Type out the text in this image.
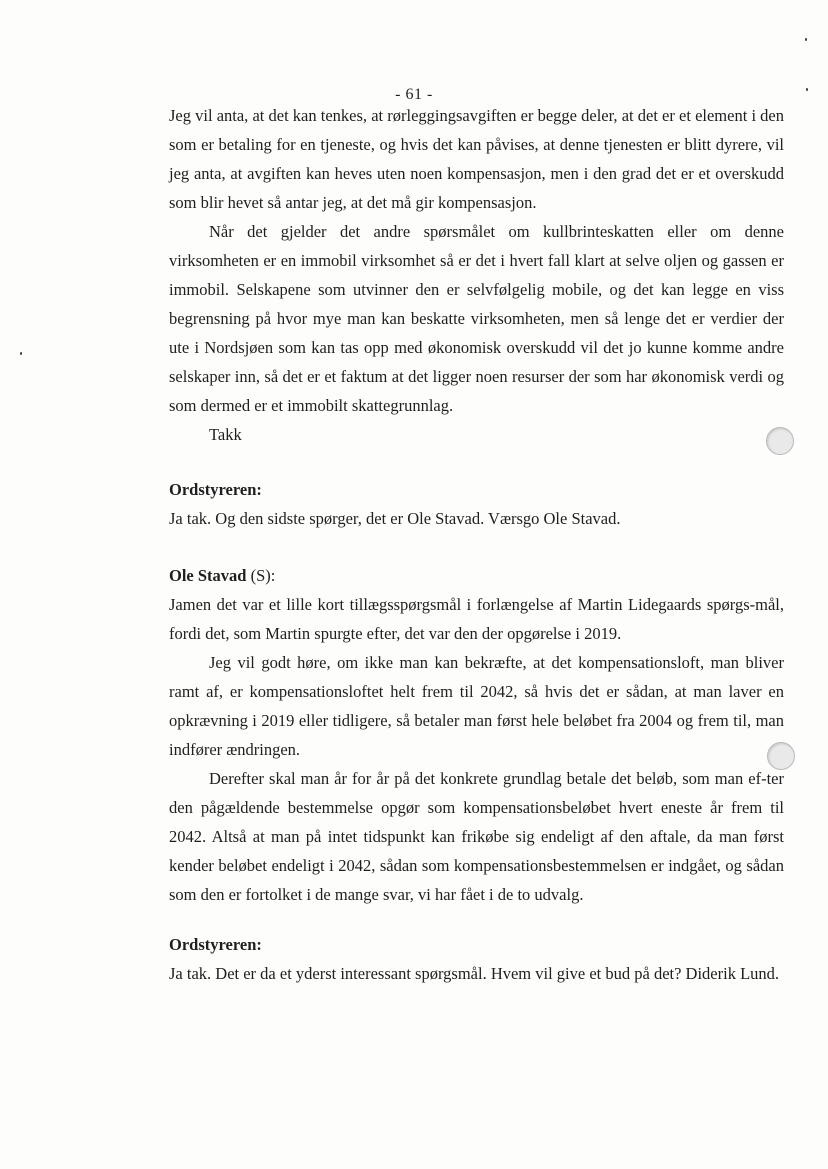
- 61 -

Jeg vil anta, at det kan tenkes, at rørleggingsavgiften er begge deler, at det er et element i den som er betaling for en tjeneste, og hvis det kan påvises, at denne tjenesten er blitt dyrere, vil jeg anta, at avgiften kan heves uten noen kompensasjon, men i den grad det er et overskudd som blir hevet så antar jeg, at det må gir kompensasjon.

Når det gjelder det andre spørsmålet om kullbrinteskatten eller om denne virksomheten er en immobil virksomhet så er det i hvert fall klart at selve oljen og gassen er immobil. Selskapene som utvinner den er selvfølgelig mobile, og det kan legge en viss begrensning på hvor mye man kan beskatte virksomheten, men så lenge det er verdier der ute i Nordsjøen som kan tas opp med økonomisk overskudd vil det jo kunne komme andre selskaper inn, så det er et faktum at det ligger noen resurser der som har økonomisk verdi og som dermed er et immobilt skattegrunnlag.

Takk

Ordstyreren:

Ja tak. Og den sidste spørger, det er Ole Stavad. Værsgo Ole Stavad.

Ole Stavad (S):

Jamen det var et lille kort tillægsspørgsmål i forlængelse af Martin Lidegaards spørgs-mål, fordi det, som Martin spurgte efter, det var den der opgørelse i 2019.

Jeg vil godt høre, om ikke man kan bekræfte, at det kompensationsloft, man bliver ramt af, er kompensationsloftet helt frem til 2042, så hvis det er sådan, at man laver en opkrævning i 2019 eller tidligere, så betaler man først hele beløbet fra 2004 og frem til, man indfører ændringen.

Derefter skal man år for år på det konkrete grundlag betale det beløb, som man ef-ter den pågældende bestemmelse opgør som kompensationsbeløbet hvert eneste år frem til 2042. Altså at man på intet tidspunkt kan frikøbe sig endeligt af den aftale, da man først kender beløbet endeligt i 2042, sådan som kompensationsbestemmelsen er indgået, og sådan som den er fortolket i de mange svar, vi har fået i de to udvalg.

Ordstyreren:

Ja tak. Det er da et yderst interessant spørgsmål. Hvem vil give et bud på det? Diderik Lund.
